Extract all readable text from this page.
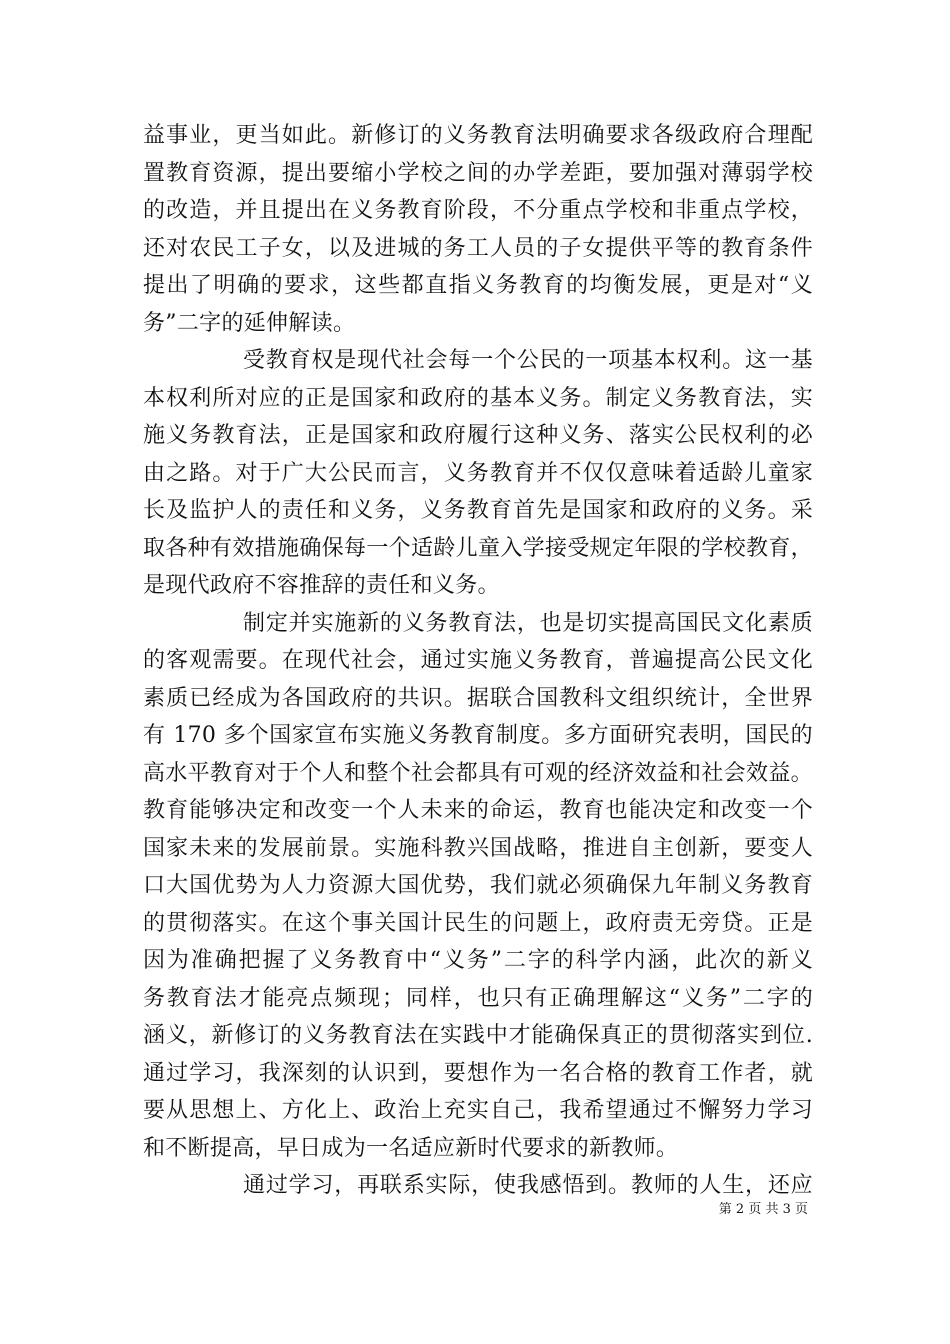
益事业，更当如此。新修订的义务教育法明确要求各级政府合理配
置教育资源，提出要缩小学校之间的办学差距，要加强对薄弱学校
的改造，并且提出在义务教育阶段，不分重点学校和非重点学校，
还对农民工子女，以及进城的务工人员的子女提供平等的教育条件
提出了明确的要求，这些都直指义务教育的均衡发展，更是对“义
务”二字的延伸解读。
受教育权是现代社会每一个公民的一项基本权利。这一基
本权利所对应的正是国家和政府的基本义务。制定义务教育法，实
施义务教育法，正是国家和政府履行这种义务、落实公民权利的必
由之路。对于广大公民而言，义务教育并不仅仅意味着适龄儿童家
长及监护人的责任和义务，义务教育首先是国家和政府的义务。采
取各种有效措施确保每一个适龄儿童入学接受规定年限的学校教育，
是现代政府不容推辞的责任和义务。
制定并实施新的义务教育法，也是切实提高国民文化素质
的客观需要。在现代社会，通过实施义务教育，普遍提高公民文化
素质已经成为各国政府的共识。据联合国教科文组织统计，全世界
有 170 多个国家宣布实施义务教育制度。多方面研究表明，国民的
高水平教育对于个人和整个社会都具有可观的经济效益和社会效益。
教育能够决定和改变一个人未来的命运，教育也能决定和改变一个
国家未来的发展前景。实施科教兴国战略，推进自主创新，要变人
口大国优势为人力资源大国优势，我们就必须确保九年制义务教育
的贯彻落实。在这个事关国计民生的问题上，政府责无旁贷。正是
因为准确把握了义务教育中“义务”二字的科学内涵，此次的新义
务教育法才能亮点频现；同样，也只有正确理解这“义务”二字的
涵义，新修订的义务教育法在实践中才能确保真正的贯彻落实到位.
通过学习，我深刻的认识到，要想作为一名合格的教育工作者，就
要从思想上、方化上、政治上充实自己，我希望通过不懈努力学习
和不断提高，早日成为一名适应新时代要求的新教师。
通过学习，再联系实际，使我感悟到。教师的人生，还应
第 2 页 共 3 页
